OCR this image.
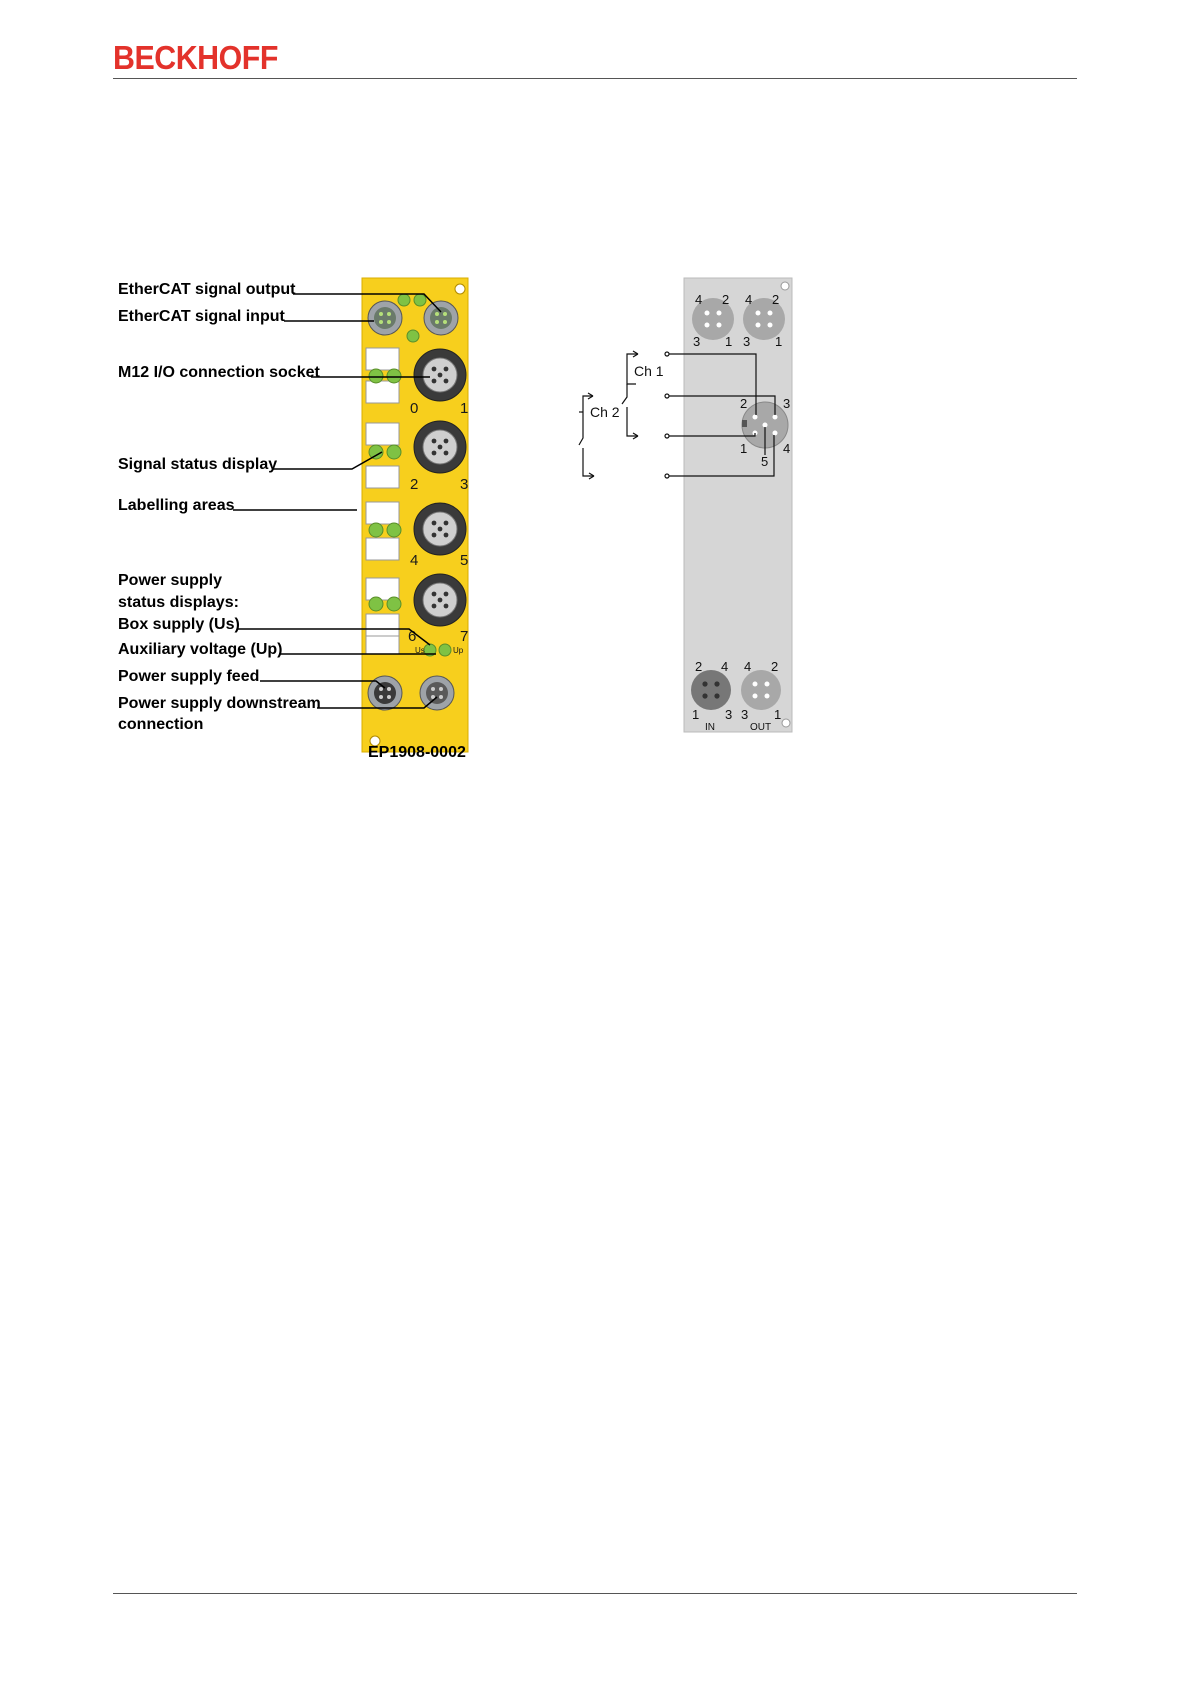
BECKHOFF
0	1
2	3
4	5
6	7
Us	Up
EtherCAT signal output
EtherCAT signal input
M12 I/O connection socket
Signal status display
Labelling areas
Power supply
status displays:
Box supply (Us)
Auxiliary voltage (Up)
Power supply feed
Power supply downstream
connection
EP1908-0002
Ch 1
Ch 2
4 2
3 1
4 2
3 1
2	3
1	4
5
2 4
1 3
4 2
3 1
IN	OUT
